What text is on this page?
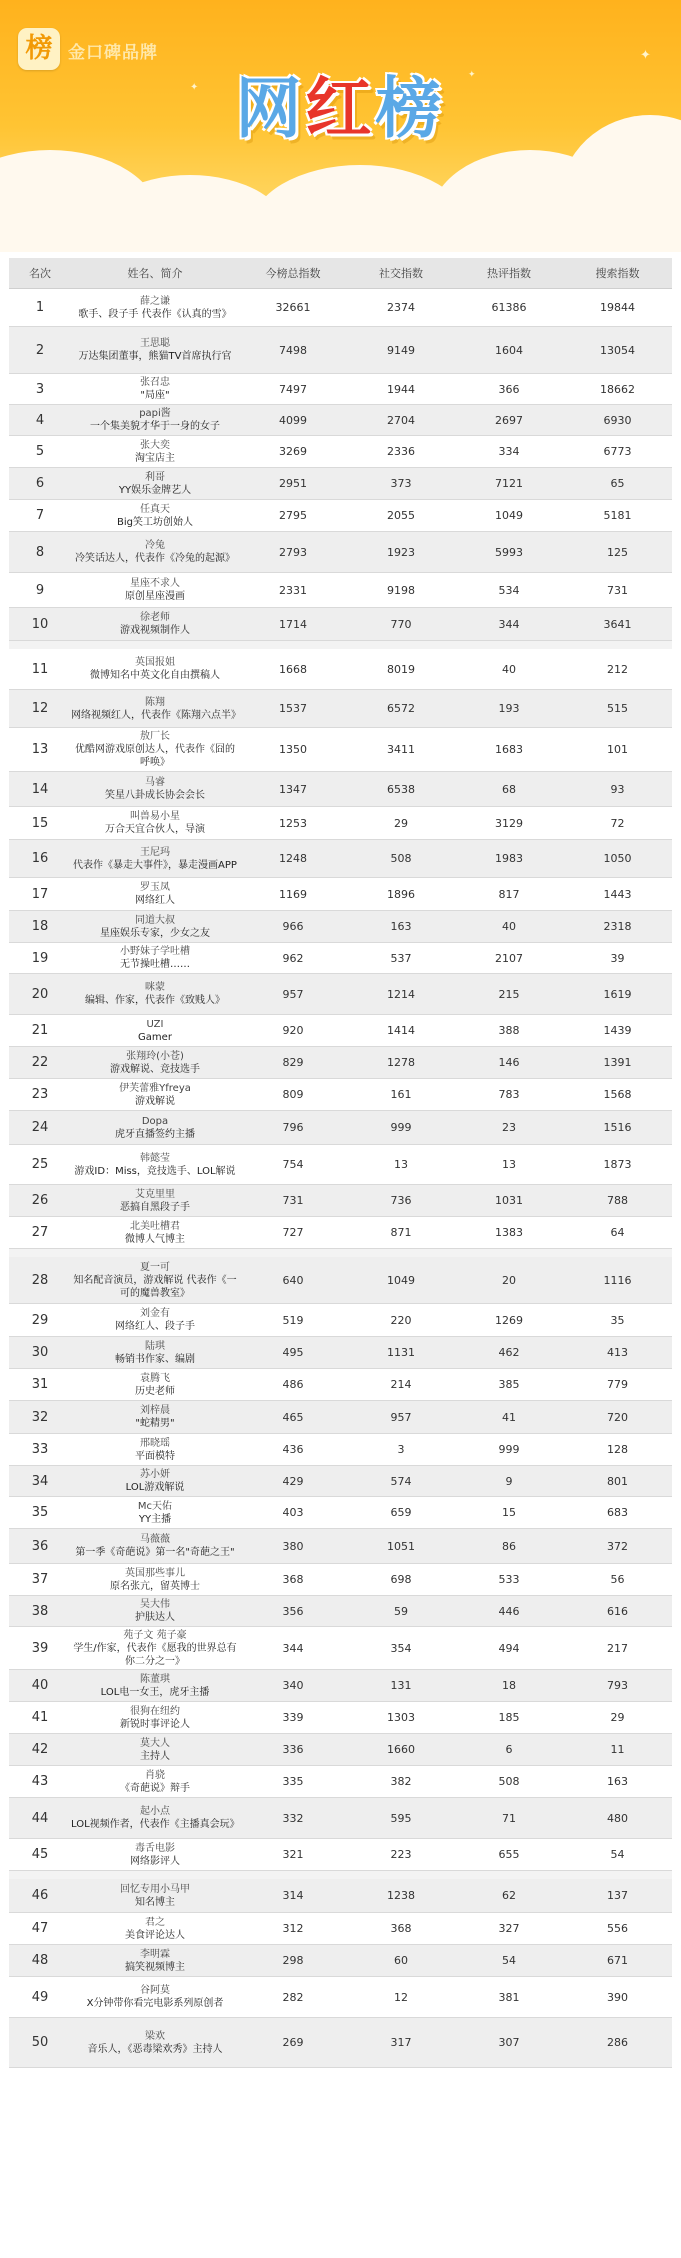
榜 金口碑品牌	✦
✦
✦
网红榜
名次	姓名、简介	今榜总指数	社交指数	热评指数	搜索指数
1	薛之谦
歌手、段子手 代表作《认真的雪》	32661	2374	61386	19844
2	王思聪
万达集团董事，熊猫TV首席执行官	7498	9149	1604	13054
3	张召忠
"局座"	7497	1944	366	18662
4	papi酱
一个集美貌才华于一身的女子	4099	2704	2697	6930
5	张大奕
淘宝店主	3269	2336	334	6773
6	利哥
YY娱乐金牌艺人	2951	373	7121	65
7	任真天
Big笑工坊创始人	2795	2055	1049	5181
8	冷兔
冷笑话达人，代表作《冷兔的起源》	2793	1923	5993	125
9	星座不求人
原创星座漫画	2331	9198	534	731
10	徐老师
游戏视频制作人	1714	770	344	3641
11	英国报姐
微博知名中英文化自由撰稿人	1668	8019	40	212
12	陈翔
网络视频红人，代表作《陈翔六点半》	1537	6572	193	515
13
敖厂长
优酷网游戏原创达人，代表作《囧的呼唤》
1350	3411	1683	101
14	马睿
笑星八卦成长协会会长	1347	6538	68	93
15	叫兽易小星
万合天宜合伙人，导演	1253	29	3129	72
16	王尼玛
代表作《暴走大事件》，暴走漫画APP	1248	508	1983	1050
17	罗玉凤
网络红人	1169	1896	817	1443
18	同道大叔
星座娱乐专家，少女之友	966	163	40	2318
19	小野妹子学吐槽
无节操吐槽……	962	537	2107	39
20	咪蒙
编辑、作家，代表作《致贱人》	957	1214	215	1619
21	UZI
Gamer	920	1414	388	1439
22	张翔玲(小苍)
游戏解说、竞技选手	829	1278	146	1391
23	伊芙蕾雅Yfreya
游戏解说	809	161	783	1568
24	Dopa
虎牙直播签约主播	796	999	23	1516
25	韩懿莹
游戏ID：Miss，竞技选手、LOL解说	754	13	13	1873
26	艾克里里
恶搞自黑段子手	731	736	1031	788
27	北美吐槽君
微博人气博主	727	871	1383	64
28
夏一可
知名配音演员，游戏解说 代表作《一可的魔兽教室》
640	1049	20	1116
29	刘金有
网络红人、段子手	519	220	1269	35
30	陆琪
畅销书作家、编剧	495	1131	462	413
31	袁腾飞
历史老师	486	214	385	779
32	刘梓晨
"蛇精男"	465	957	41	720
33	邢晓瑶
平面模特	436	3	999	128
34	苏小妍
LOL游戏解说	429	574	9	801
35	Mc天佑
YY主播	403	659	15	683
36	马薇薇
第一季《奇葩说》第一名"奇葩之王"	380	1051	86	372
37	英国那些事儿
原名张亢，留英博士	368	698	533	56
38	吴大伟
护肤达人	356	59	446	616
39
苑子文 苑子豪
学生/作家，代表作《愿我的世界总有你二分之一》
344	354	494	217
40	陈董琪
LOL电一女王，虎牙主播	340	131	18	793
41	很狗在纽约
新锐时事评论人	339	1303	185	29
42	莫大人
主持人	336	1660	6	11
43	肖骁
《奇葩说》辩手	335	382	508	163
44	起小点
LOL视频作者，代表作《主播真会玩》	332	595	71	480
45	毒舌电影
网络影评人	321	223	655	54
46	回忆专用小马甲
知名博主	314	1238	62	137
47	君之
美食评论达人	312	368	327	556
48	李明霖
搞笑视频博主	298	60	54	671
49	谷阿莫
X分钟带你看完电影系列原创者	282	12	381	390
50	梁欢
音乐人，《恶毒梁欢秀》主持人	269	317	307	286
